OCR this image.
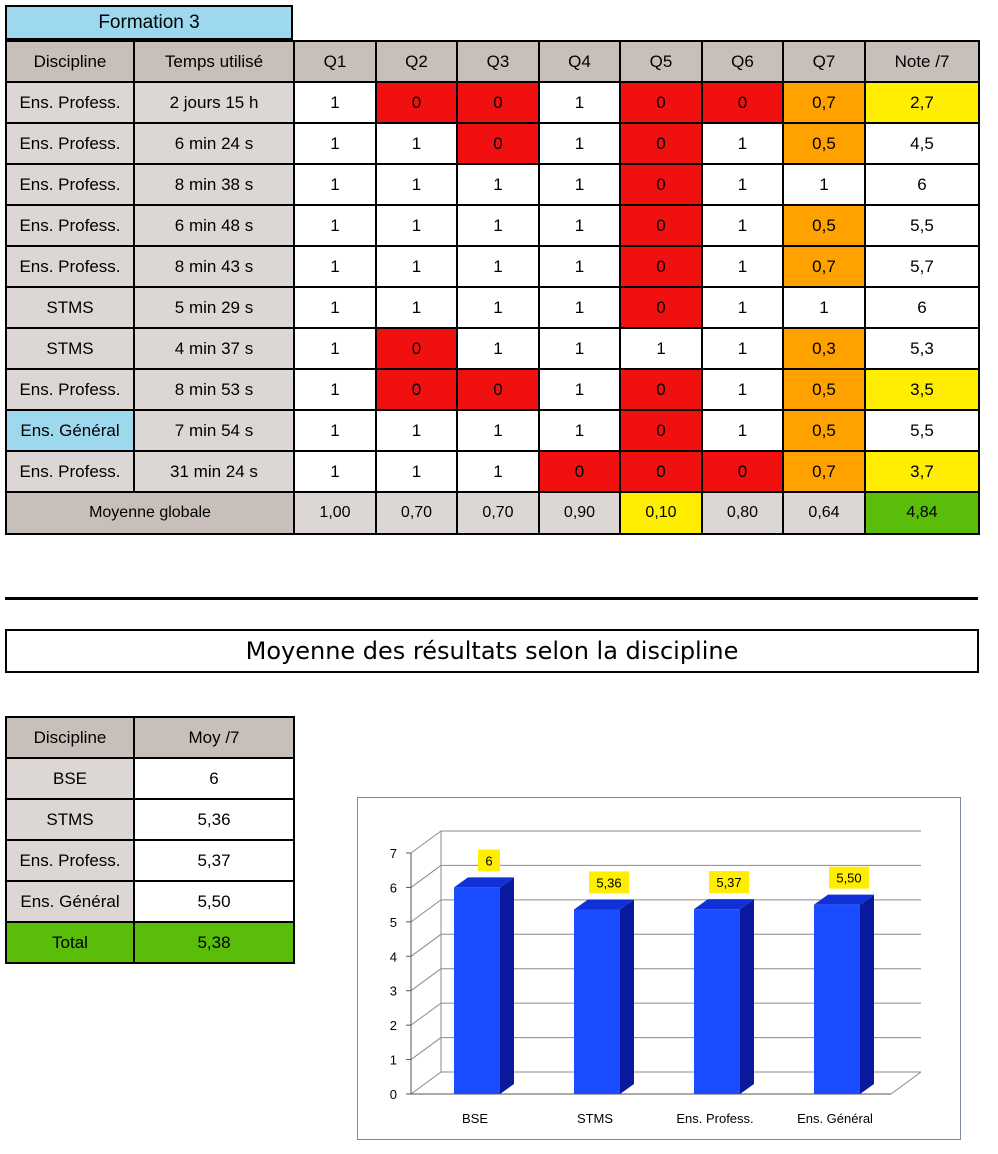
Formation 3
Discipline	Temps utilisé	Q1	Q2	Q3	Q4	Q5	Q6	Q7	Note /7
Ens. Profess.	2 jours 15 h	1	0	0	1	0	0	0,7	2,7
Ens. Profess.	6 min 24 s	1	1	0	1	0	1	0,5	4,5
Ens. Profess.	8 min 38 s	1	1	1	1	0	1	1	6
Ens. Profess.	6 min 48 s	1	1	1	1	0	1	0,5	5,5
Ens. Profess.	8 min 43 s	1	1	1	1	0	1	0,7	5,7
STMS	5 min 29 s	1	1	1	1	0	1	1	6
STMS	4 min 37 s	1	0	1	1	1	1	0,3	5,3
Ens. Profess.	8 min 53 s	1	0	0	1	0	1	0,5	3,5
Ens. Général	7 min 54 s	1	1	1	1	0	1	0,5	5,5
Ens. Profess.	31 min 24 s	1	1	1	0	0	0	0,7	3,7
Moyenne globale		1,00	0,70	0,70	0,90	0,10	0,80	0,64	4,84
Moyenne des résultats selon la discipline
Discipline	Moy /7
BSE	6
STMS	5,36
Ens. Profess.	5,37
Ens. Général	5,50
Total	5,38
0
1
2
3
4
5
6
7	6
BSE
5,36
STMS
5,37
Ens. Profess.
5,50
Ens. Général
